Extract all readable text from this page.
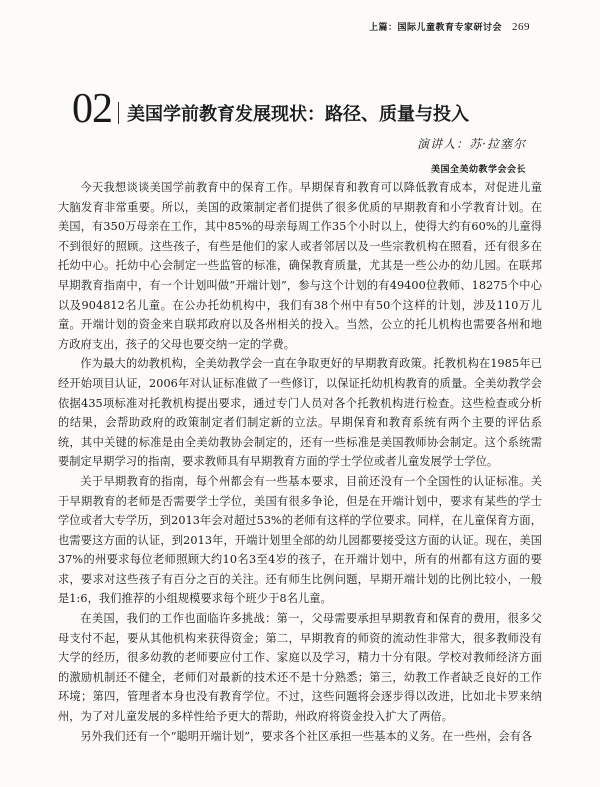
上篇：国际儿童教育专家研讨会 269
02 美国学前教育发展现状：路径、质量与投入
演讲人：苏·拉塞尔
美国全美幼教学会会长

今天我想谈谈美国学前教育中的保育工作。早期保育和教育可以降低教育成本，对促进儿童大脑发育非常重要。所以，美国的政策制定者们提供了很多优质的早期教育和小学教育计划。在美国，有350万母亲在工作，其中85%的母亲每周工作35个小时以上，使得大约有60%的儿童得不到很好的照顾。这些孩子，有些是他们的家人或者邻居以及一些宗教机构在照看，还有很多在托幼中心。托幼中心会制定一些监管的标准，确保教育质量，尤其是一些公办的幼儿园。在联邦早期教育指南中，有一个计划叫做“开端计划”，参与这个计划的有49400位教师、18275个中心以及904812名儿童。在公办托幼机构中，我们有38个州中有50个这样的计划，涉及110万儿童。开端计划的资金来自联邦政府以及各州相关的投入。当然，公立的托儿机构也需要各州和地方政府支出，孩子的父母也要交纳一定的学费。

作为最大的幼教机构，全美幼教学会一直在争取更好的早期教育政策。托教机构在1985年已经开始项目认证，2006年对认证标准做了一些修订，以保证托幼机构教育的质量。全美幼教学会依据435项标准对托教机构提出要求，通过专门人员对各个托教机构进行检查。这些检查或分析的结果，会帮助政府的政策制定者们制定新的立法。早期保育和教育系统有两个主要的评估系统，其中关键的标准是由全美幼教协会制定的，还有一些标准是美国教师协会制定。这个系统需要制定早期学习的指南，要求教师具有早期教育方面的学士学位或者儿童发展学士学位。

关于早期教育的指南，每个州都会有一些基本要求，目前还没有一个全国性的认证标准。关于早期教育的老师是否需要学士学位，美国有很多争论，但是在开端计划中，要求有某些的学士学位或者大专学历，到2013年会对超过53%的老师有这样的学位要求。同样，在儿童保育方面，也需要这方面的认证，到2013年，开端计划里全部的幼儿园都要接受这方面的认证。现在，美国37%的州要求每位老师照顾大约10名3至4岁的孩子，在开端计划中，所有的州都有这方面的要求，要求对这些孩子有百分之百的关注。还有师生比例问题，早期开端计划的比例比较小，一般是1:6，我们推荐的小组规模要求每个班少于8名儿童。

在美国，我们的工作也面临许多挑战：第一，父母需要承担早期教育和保育的费用，很多父母支付不起，要从其他机构来获得资金；第二，早期教育的师资的流动性非常大，很多教师没有大学的经历，很多幼教的老师要应付工作、家庭以及学习，精力十分有限。学校对教师经济方面的激励机制还不健全，老师们对最新的技术还不是十分熟悉；第三，幼教工作者缺乏良好的工作环境；第四，管理者本身也没有教育学位。不过，这些问题将会逐步得以改进，比如北卡罗来纳州，为了对儿童发展的多样性给予更大的帮助，州政府将资金投入扩大了两倍。

另外我们还有一个“聪明开端计划”，要求各个社区承担一些基本的义务。在一些州，会有各
